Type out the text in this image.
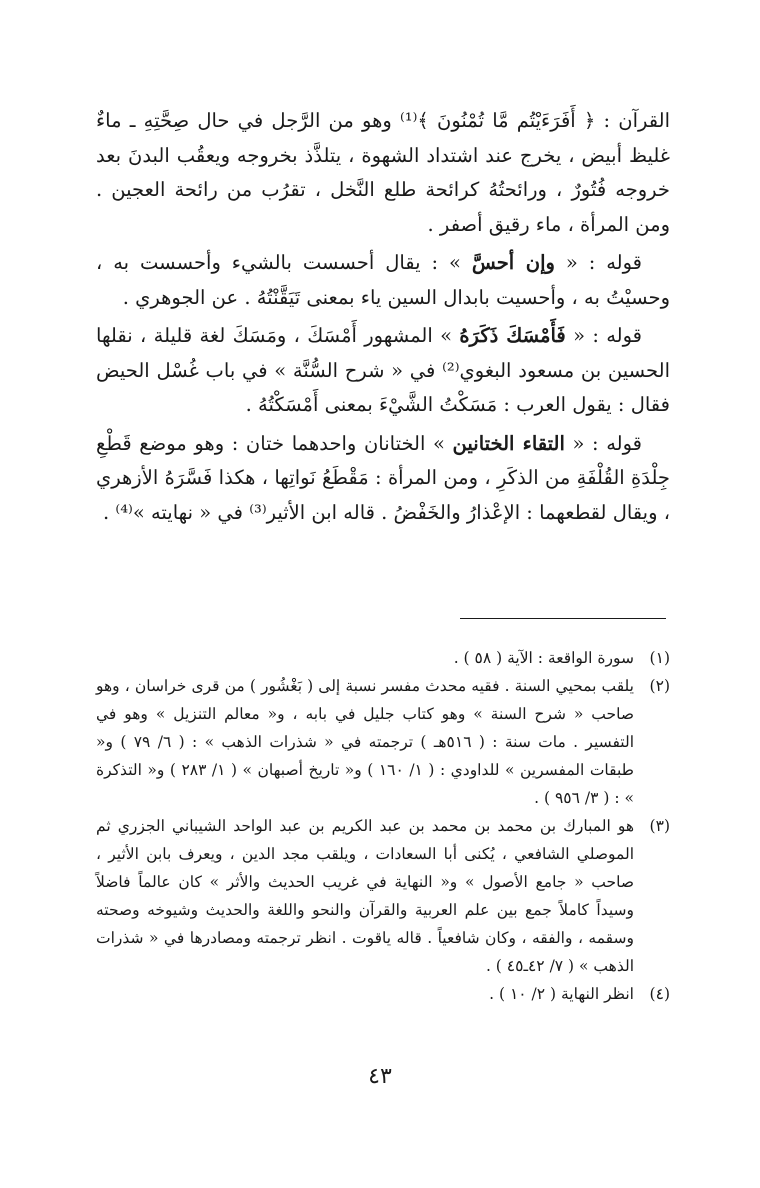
القرآن : ﴿ أَفَرَءَيْتُم مَّا تُمْنُونَ ﴾⁽¹⁾ وهو من الرَّجل في حال صِحَّتِهِ ـ ماءٌ غليظ أبيض ، يخرج عند اشتداد الشهوة ، يتلذَّذ بخروجه ويعقُب البدنَ بعد خروجه فُتُورٌ ، ورائحتُهُ كرائحة طلع النَّخل ، تقرُب من رائحة العجين . ومن المرأة ، ماء رقيق أصفر .

قوله : « وإن أحسَّ » : يقال أحسست بالشيء وأحسست به ، وحسيْتُ به ، وأحسيت بابدال السين ياء بمعنى تَيَقَّنْتُهُ . عن الجوهري .

قوله : « فَأَمْسَكَ ذَكَرَهُ » المشهور أَمْسَكَ ، ومَسَكَ لغة قليلة ، نقلها الحسين بن مسعود البغوي⁽²⁾ في « شرح السُّنَّة » في باب غُسْل الحيض فقال : يقول العرب : مَسَكْتُ الشَّيْءَ بمعنى أَمْسَكْتُهُ .

قوله : « التقاء الختانين » الختانان واحدهما ختان : وهو موضع قَطْعِ جِلْدَةِ القُلْفَةِ من الذكَرِ ، ومن المرأة : مَقْطَعُ نَواتِها ، هكذا فَسَّرَهُ الأزهري ، ويقال لقطعهما : الإعْذارُ والخَفْضُ . قاله ابن الأثير⁽³⁾ في « نهايته »⁽⁴⁾ .

(١)
سورة الواقعة : الآية ( ٥٨ ) .
(٢)
يلقب بمحيي السنة . فقيه محدث مفسر نسبة إلى ( بَغْشُور ) من قرى خراسان ، وهو صاحب « شرح السنة » وهو كتاب جليل في بابه ، و« معالم التنزيل » وهو في التفسير . مات سنة : ( ٥١٦هـ ) ترجمته في « شذرات الذهب » : ( ٦/ ٧٩ ) و« طبقات المفسرين » للداودي : ( ١/ ١٦٠ ) و« تاريخ أصبهان » ( ١/ ٢٨٣ ) و« التذكرة » : ( ٣/ ٩٥٦ ) .
(٣)
هو المبارك بن محمد بن محمد بن عبد الكريم بن عبد الواحد الشيباني الجزري ثم الموصلي الشافعي ، يُكنى أبا السعادات ، ويلقب مجد الدين ، ويعرف بابن الأثير ، صاحب « جامع الأصول » و« النهاية في غريب الحديث والأثر » كان عالماً فاضلاً وسيداً كاملاً جمع بين علم العربية والقرآن والنحو واللغة والحديث وشيوخه وصحته وسقمه ، والفقه ، وكان شافعياً . قاله ياقوت . انظر ترجمته ومصادرها في « شذرات الذهب » ( ٧/ ٤٢ـ٤٥ ) .
(٤)
انظر النهاية ( ٢/ ١٠ ) .
٤٣
